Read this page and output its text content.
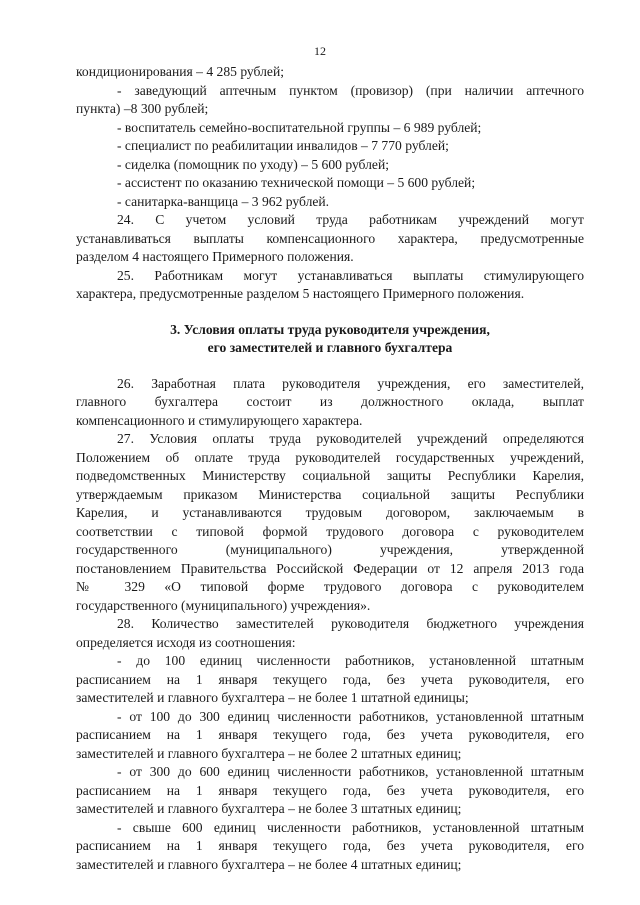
12

кондиционирования – 4 285 рублей;

- заведующий аптечным пунктом (провизор) (при наличии аптечного

пункта) –8 300 рублей;

- воспитатель семейно-воспитательной группы – 6 989 рублей;

- специалист по реабилитации инвалидов – 7 770 рублей;

- сиделка (помощник по уходу) – 5 600 рублей;

- ассистент по оказанию технической помощи – 5 600 рублей;

- санитарка-ванщица – 3 962 рублей.

24. С учетом условий труда работникам учреждений могут

устанавливаться выплаты компенсационного характера, предусмотренные

разделом 4 настоящего Примерного положения.

25. Работникам могут устанавливаться выплаты стимулирующего

характера, предусмотренные разделом 5 настоящего Примерного положения.

3. Условия оплаты труда руководителя учреждения,

его заместителей и главного бухгалтера

26. Заработная плата руководителя учреждения, его заместителей,

главного бухгалтера состоит из должностного оклада, выплат

компенсационного и стимулирующего характера.

27. Условия оплаты труда руководителей учреждений определяются

Положением об оплате труда руководителей государственных учреждений,

подведомственных Министерству социальной защиты Республики Карелия,

утверждаемым приказом Министерства социальной защиты Республики

Карелия, и устанавливаются трудовым договором, заключаемым в

соответствии с типовой формой трудового договора с руководителем

государственного (муниципального) учреждения, утвержденной

постановлением Правительства Российской Федерации от 12 апреля 2013 года

№ 329 «О типовой форме трудового договора с руководителем

государственного (муниципального) учреждения».

28. Количество заместителей руководителя бюджетного учреждения

определяется исходя из соотношения:

- до 100 единиц численности работников, установленной штатным

расписанием на 1 января текущего года, без учета руководителя, его

заместителей и главного бухгалтера – не более 1 штатной единицы;

- от 100 до 300 единиц численности работников, установленной штатным

расписанием на 1 января текущего года, без учета руководителя, его

заместителей и главного бухгалтера – не более 2 штатных единиц;

- от 300 до 600 единиц численности работников, установленной штатным

расписанием на 1 января текущего года, без учета руководителя, его

заместителей и главного бухгалтера – не более 3 штатных единиц;

- свыше 600 единиц численности работников, установленной штатным

расписанием на 1 января текущего года, без учета руководителя, его

заместителей и главного бухгалтера – не более 4 штатных единиц;
